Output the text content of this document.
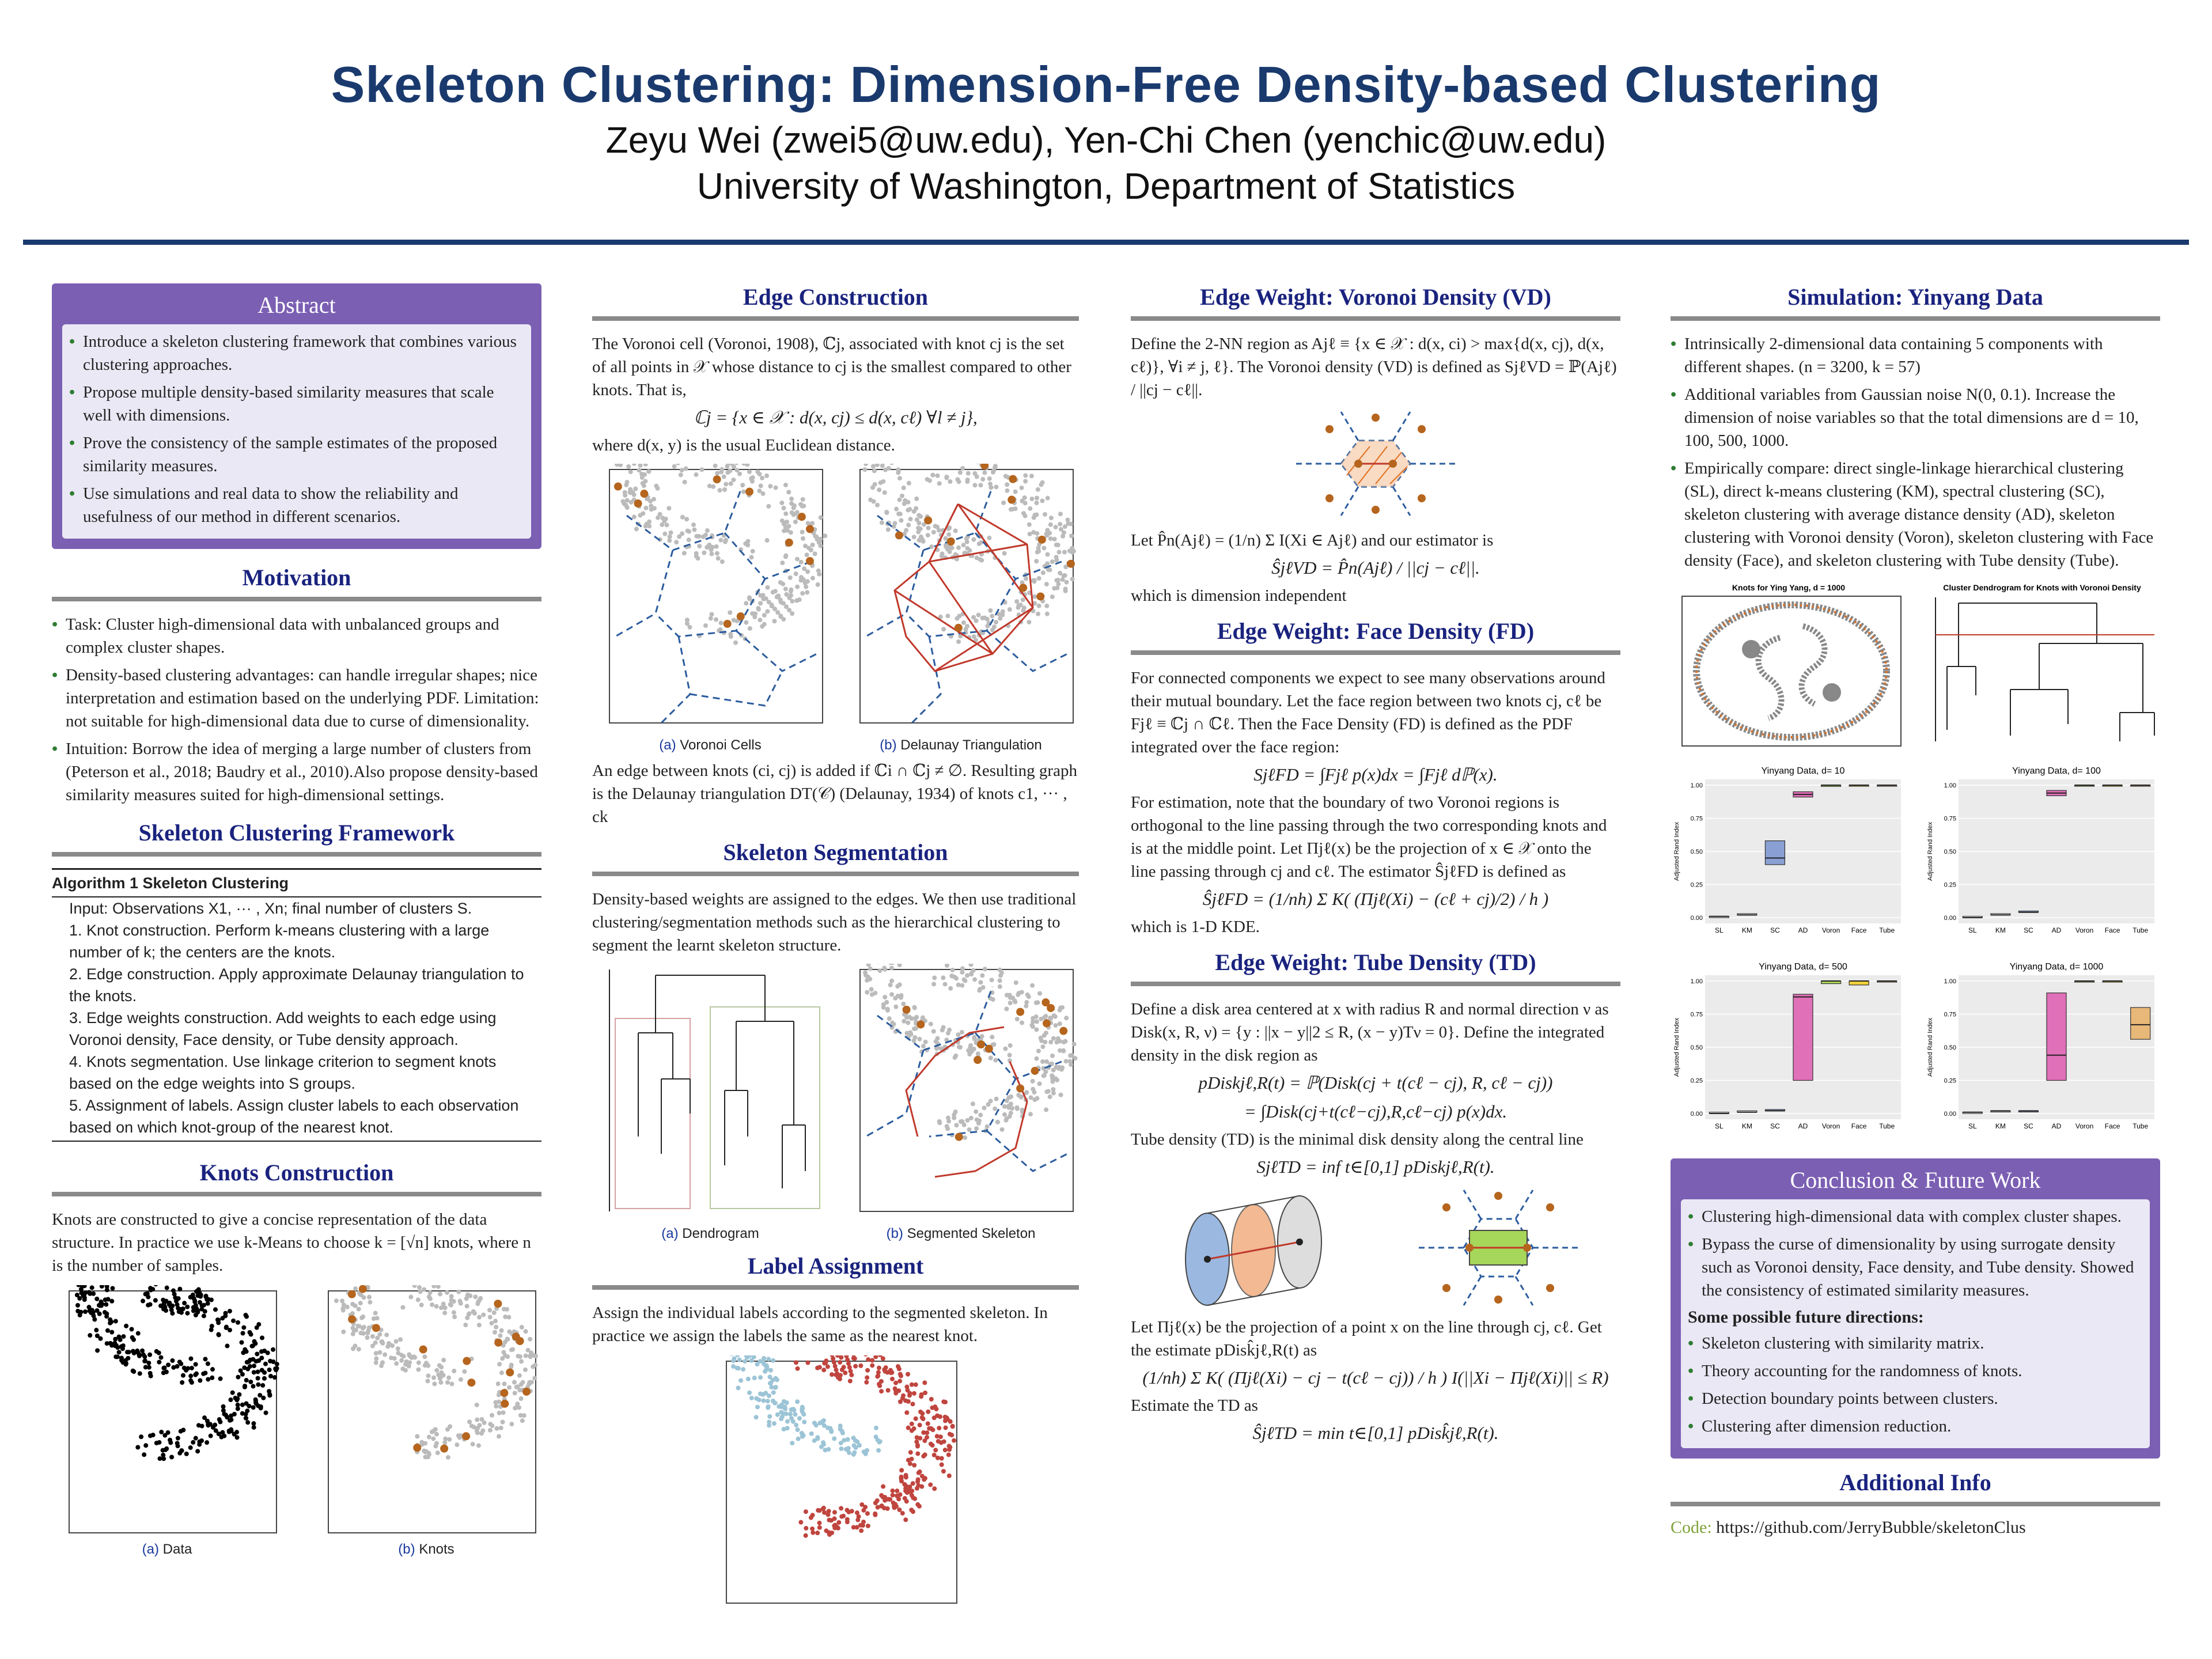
Skeleton Clustering: Dimension-Free Density-based Clustering
Zeyu Wei (zwei5@uw.edu), Yen-Chi Chen (yenchic@uw.edu)
University of Washington, Department of Statistics
Abstract
• Introduce a skeleton clustering framework that combines various clustering approaches.
• Propose multiple density-based similarity measures that scale well with dimensions.
• Prove the consistency of the sample estimates of the proposed similarity measures.
• Use simulations and real data to show the reliability and usefulness of our method in different scenarios.
Motivation
• Task: Cluster high-dimensional data with unbalanced groups and complex cluster shapes.
• Density-based clustering advantages: can handle irregular shapes; nice interpretation and estimation based on the underlying PDF. Limitation: not suitable for high-dimensional data due to curse of dimensionality.
• Intuition: Borrow the idea of merging a large number of clusters from (Peterson et al., 2018; Baudry et al., 2010).Also propose density-based similarity measures suited for high-dimensional settings.
Skeleton Clustering Framework
Algorithm 1 Skeleton Clustering
Input: Observations X1, ··· , Xn; final number of clusters S.
1. Knot construction. Perform k-means clustering with a large number of k; the centers are the knots.
2. Edge construction. Apply approximate Delaunay triangulation to the knots.
3. Edge weights construction. Add weights to each edge using Voronoi density, Face density, or Tube density approach.
4. Knots segmentation. Use linkage criterion to segment knots based on the edge weights into S groups.
5. Assignment of labels. Assign cluster labels to each observation based on which knot-group of the nearest knot.
Knots Construction
Knots are constructed to give a concise representation of the data structure. In practice we use k-Means to choose k = [√n] knots, where n is the number of samples.
(a) Data	(b) Knots
Edge Construction
The Voronoi cell (Voronoi, 1908), ℂj, associated with knot cj is the set of all points in 𝒳 whose distance to cj is the smallest compared to other knots. That is,
ℂj = {x ∈ 𝒳 : d(x, cj) ≤ d(x, cℓ) ∀l ≠ j},
where d(x, y) is the usual Euclidean distance.
(a) Voronoi Cells	(b) Delaunay Triangulation
An edge between knots (ci, cj) is added if ℂi ∩ ℂj ≠ ∅. Resulting graph is the Delaunay triangulation DT(𝒞) (Delaunay, 1934) of knots c1, ··· , ck
Skeleton Segmentation
Density-based weights are assigned to the edges. We then use traditional clustering/segmentation methods such as the hierarchical clustering to segment the learnt skeleton structure.
(a) Dendrogram	(b) Segmented Skeleton
Label Assignment
Assign the individual labels according to the segmented skeleton. In practice we assign the labels the same as the nearest knot.
Edge Weight: Voronoi Density (VD)
Define the 2-NN region as Ajℓ ≡ {x ∈ 𝒳 : d(x, ci) > max{d(x, cj), d(x, cℓ)}, ∀i ≠ j, ℓ}. The Voronoi density (VD) is defined as SjℓVD = ℙ(Ajℓ) / ||cj − cℓ||.
Let P̂n(Ajℓ) = (1/n) Σ I(Xi ∈ Ajℓ) and our estimator is
ŜjℓVD = P̂n(Ajℓ) / ||cj − cℓ||.
which is dimension independent
Edge Weight: Face Density (FD)
For connected components we expect to see many observations around their mutual boundary. Let the face region between two knots cj, cℓ be Fjℓ ≡ ℂj ∩ ℂℓ. Then the Face Density (FD) is defined as the PDF integrated over the face region:
SjℓFD = ∫Fjℓ p(x)dx = ∫Fjℓ dℙ(x).
For estimation, note that the boundary of two Voronoi regions is orthogonal to the line passing through the two corresponding knots and is at the middle point. Let Πjℓ(x) be the projection of x ∈ 𝒳 onto the line passing through cj and cℓ. The estimator ŜjℓFD is defined as
ŜjℓFD = (1/nh) Σ K( (Πjℓ(Xi) − (cℓ + cj)/2) / h )
which is 1-D KDE.
Edge Weight: Tube Density (TD)
Define a disk area centered at x with radius R and normal direction ν as Disk(x, R, ν) = {y : ||x − y||2 ≤ R, (x − y)Tν = 0}. Define the integrated density in the disk region as
pDiskjℓ,R(t) = ℙ(Disk(cj + t(cℓ − cj), R, cℓ − cj))
= ∫Disk(cj+t(cℓ−cj),R,cℓ−cj) p(x)dx.
Tube density (TD) is the minimal disk density along the central line
SjℓTD = inf t∈[0,1] pDiskjℓ,R(t).
Let Πjℓ(x) be the projection of a point x on the line through cj, cℓ. Get the estimate pDisk̂jℓ,R(t) as
(1/nh) Σ K( (Πjℓ(Xi) − cj − t(cℓ − cj)) / h ) I(||Xi − Πjℓ(Xi)|| ≤ R)
Estimate the TD as
ŜjℓTD = min t∈[0,1] pDisk̂jℓ,R(t).
Simulation: Yinyang Data
• Intrinsically 2-dimensional data containing 5 components with different shapes. (n = 3200, k = 57)
• Additional variables from Gaussian noise N(0, 0.1). Increase the dimension of noise variables so that the total dimensions are d = 10, 100, 500, 1000.
• Empirically compare: direct single-linkage hierarchical clustering (SL), direct k-means clustering (KM), spectral clustering (SC), skeleton clustering with average distance density (AD), skeleton clustering with Voronoi density (Voron), skeleton clustering with Face density (Face), and skeleton clustering with Tube density (Tube).
Knots for Ying Yang, d = 1000	Cluster Dendrogram for Knots with Voronoi Density
Yinyang Data, d= 10
Adjusted Rand Index
0.00
0.25
0.50
0.75
1.00
SL	KM	SC	AD Voron Face Tube
Yinyang Data, d= 100
Adjusted Rand Index
0.00
0.25
0.50
0.75
1.00
SL	KM	SC	AD Voron Face Tube
Yinyang Data, d= 500
Adjusted Rand Index
0.00
0.25
0.50
0.75
1.00
SL	KM	SC	AD Voron Face Tube
Yinyang Data, d= 1000
Adjusted Rand Index
0.00
0.25
0.50
0.75
1.00
SL	KM	SC	AD Voron Face Tube
Conclusion & Future Work
• Clustering high-dimensional data with complex cluster shapes.
• Bypass the curse of dimensionality by using surrogate density such as Voronoi density, Face density, and Tube density. Showed the consistency of estimated similarity measures.
Some possible future directions:
• Skeleton clustering with similarity matrix.
• Theory accounting for the randomness of knots.
• Detection boundary points between clusters.
• Clustering after dimension reduction.
Additional Info
Code: https://github.com/JerryBubble/skeletonClus
